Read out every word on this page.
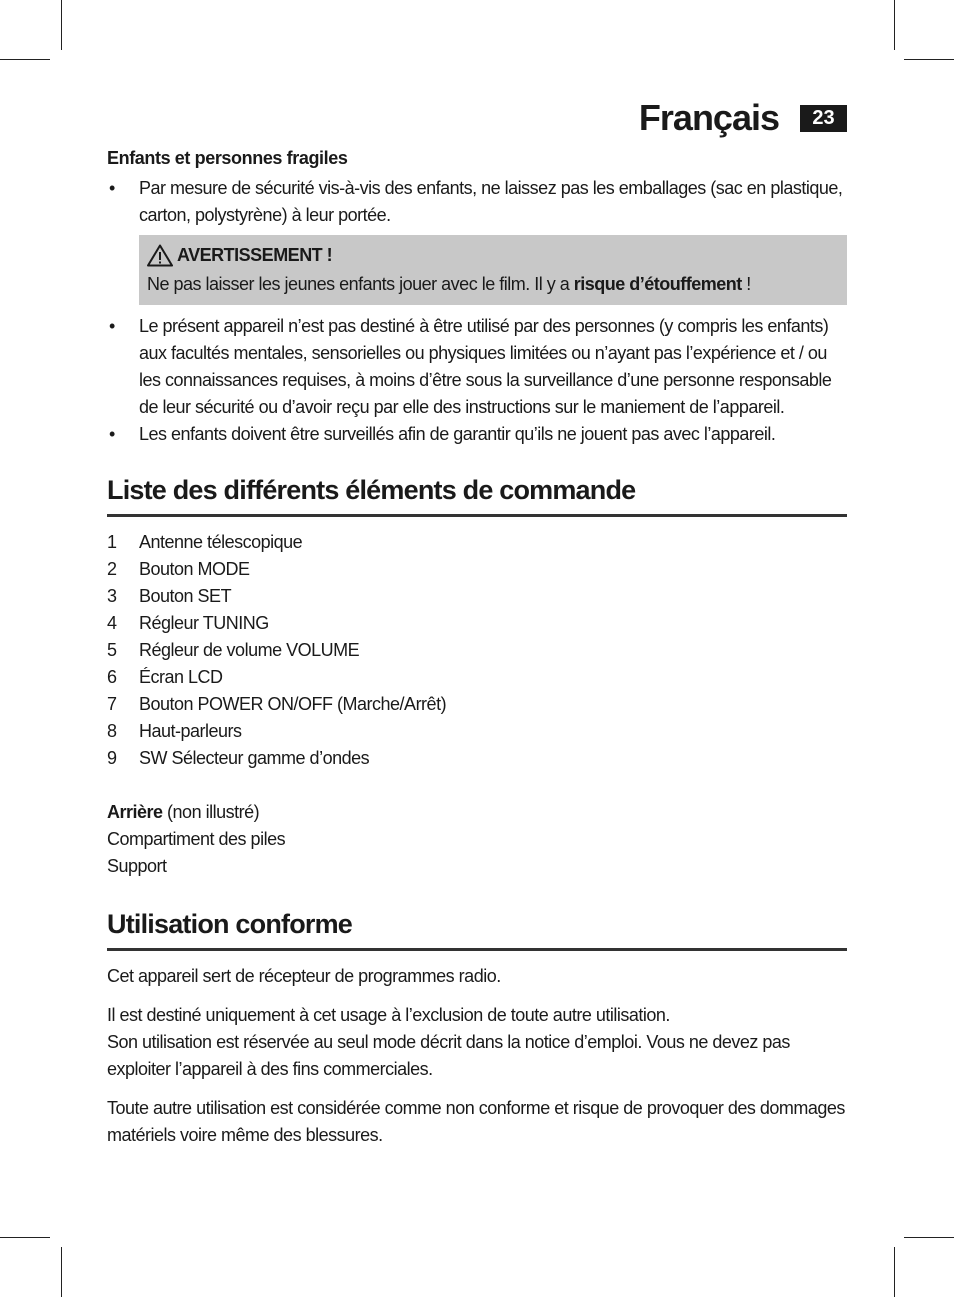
Français	23
Enfants et personnes fragiles
• Par mesure de sécurité vis-à-vis des enfants, ne laissez pas les emballages (sac en plastique, carton, polystyrène) à leur portée.
AVERTISSEMENT !
Ne pas laisser les jeunes enfants jouer avec le film. Il y a risque d’étouffement !
• Le présent appareil n’est pas destiné à être utilisé par des personnes (y compris les enfants) aux facultés mentales, sensorielles ou physiques limitées ou n’ayant pas l’expérience et / ou les connaissances requises, à moins d’être sous la surveillance d’une personne responsable de leur sécurité ou d’avoir reçu par elle des instructions sur le maniement de l’appareil.
• Les enfants doivent être surveillés afin de garantir qu’ils ne jouent pas avec l’appareil.
Liste des différents éléments de commande
1	Antenne télescopique
2	Bouton MODE
3	Bouton SET
4	Régleur TUNING
5	Régleur de volume VOLUME
6	Écran LCD
7	Bouton POWER ON/OFF (Marche/Arrêt)
8	Haut-parleurs
9	SW Sélecteur gamme d’ondes

Arrière (non illustré)

Compartiment des piles

Support

Utilisation conforme

Cet appareil sert de récepteur de programmes radio.

Il est destiné uniquement à cet usage à l’exclusion de toute autre utilisation.

Son utilisation est réservée au seul mode décrit dans la notice d’emploi. Vous ne devez pas exploiter l’appareil à des fins commerciales.

Toute autre utilisation est considérée comme non conforme et risque de provoquer des dommages matériels voire même des blessures.
